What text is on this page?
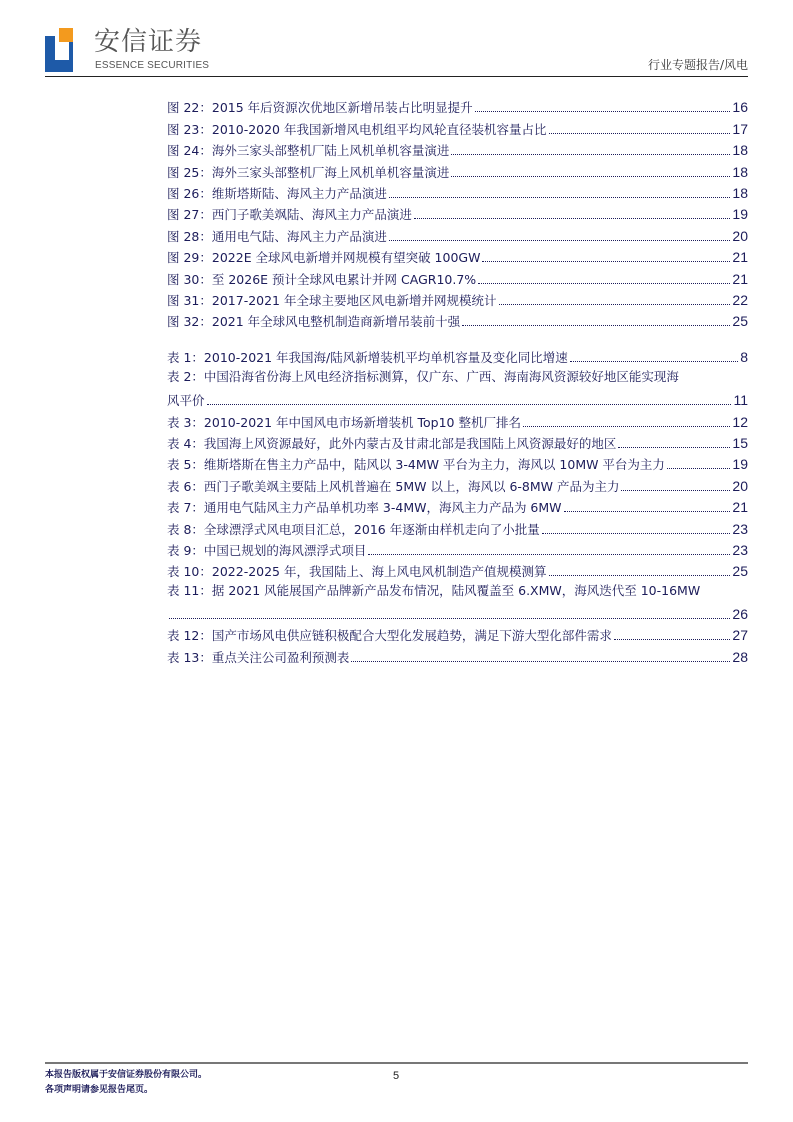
安信证券
ESSENCE SECURITIES	行业专题报告/风电
图 22：2015 年后资源次优地区新增吊装占比明显提升	16
图 23：2010-2020 年我国新增风电机组平均风轮直径装机容量占比	17
图 24：海外三家头部整机厂陆上风机单机容量演进	18
图 25：海外三家头部整机厂海上风机单机容量演进	18
图 26：维斯塔斯陆、海风主力产品演进	18
图 27：西门子歌美飒陆、海风主力产品演进	19
图 28：通用电气陆、海风主力产品演进	20
图 29：2022E 全球风电新增并网规模有望突破 100GW	21
图 30：至 2026E 预计全球风电累计并网 CAGR10.7%	21
图 31：2017-2021 年全球主要地区风电新增并网规模统计	22
图 32：2021 年全球风电整机制造商新增吊装前十强	25
表 1：2010-2021 年我国海/陆风新增装机平均单机容量及变化同比增速	8
表 2：中国沿海省份海上风电经济指标测算，仅广东、广西、海南海风资源较好地区能实现海
风平价	11
表 3：2010-2021 年中国风电市场新增装机 Top10 整机厂排名	12
表 4：我国海上风资源最好，此外内蒙古及甘肃北部是我国陆上风资源最好的地区	15
表 5：维斯塔斯在售主力产品中，陆风以 3-4MW 平台为主力，海风以 10MW 平台为主力	19
表 6：西门子歌美飒主要陆上风机普遍在 5MW 以上，海风以 6-8MW 产品为主力	20
表 7：通用电气陆风主力产品单机功率 3-4MW，海风主力产品为 6MW	21
表 8：全球漂浮式风电项目汇总，2016 年逐渐由样机走向了小批量	23
表 9：中国已规划的海风漂浮式项目	23
表 10：2022-2025 年，我国陆上、海上风电风机制造产值规模测算	25
表 11：据 2021 风能展国产品牌新产品发布情况，陆风覆盖至 6.XMW，海风迭代至 10-16MW
26
表 12：国产市场风电供应链积极配合大型化发展趋势，满足下游大型化部件需求	27
表 13：重点关注公司盈利预测表	28
本报告版权属于安信证券股份有限公司。
各项声明请参见报告尾页。
5
